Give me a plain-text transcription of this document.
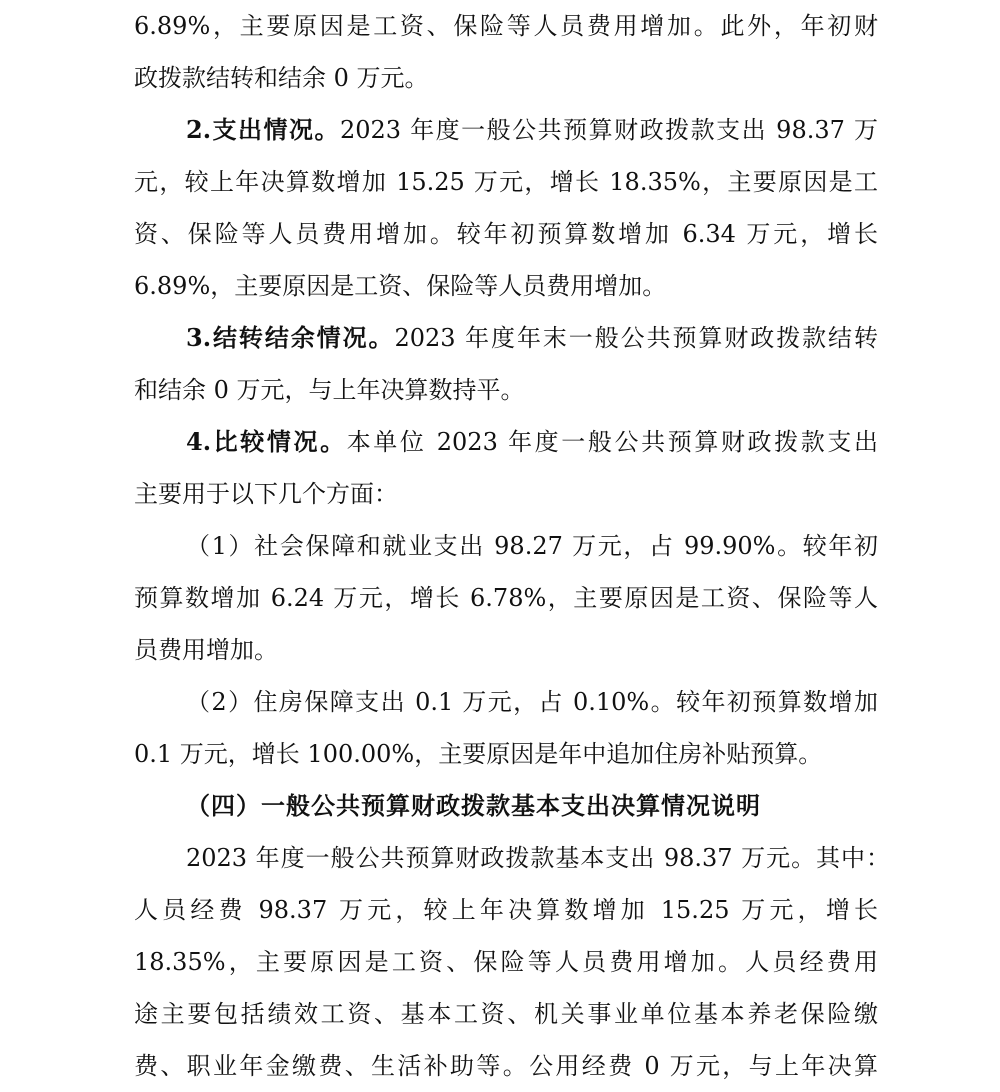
6.89%，主要原因是工资、保险等人员费用增加。此外，年初财
政拨款结转和结余 0 万元。
2.支出情况。2023 年度一般公共预算财政拨款支出 98.37 万
元，较上年决算数增加 15.25 万元，增长 18.35%，主要原因是工
资、保险等人员费用增加。较年初预算数增加 6.34 万元，增长
6.89%，主要原因是工资、保险等人员费用增加。
3.结转结余情况。2023 年度年末一般公共预算财政拨款结转
和结余 0 万元，与上年决算数持平。
4.比较情况。本单位 2023 年度一般公共预算财政拨款支出
主要用于以下几个方面：
（1）社会保障和就业支出 98.27 万元，占 99.90%。较年初
预算数增加 6.24 万元，增长 6.78%，主要原因是工资、保险等人
员费用增加。
（2）住房保障支出 0.1 万元，占 0.10%。较年初预算数增加
0.1 万元，增长 100.00%，主要原因是年中追加住房补贴预算。
（四）一般公共预算财政拨款基本支出决算情况说明
2023 年度一般公共预算财政拨款基本支出 98.37 万元。其中：
人员经费 98.37 万元，较上年决算数增加 15.25 万元，增长
18.35%，主要原因是工资、保险等人员费用增加。人员经费用
途主要包括绩效工资、基本工资、机关事业单位基本养老保险缴
费、职业年金缴费、生活补助等。公用经费 0 万元，与上年决算
